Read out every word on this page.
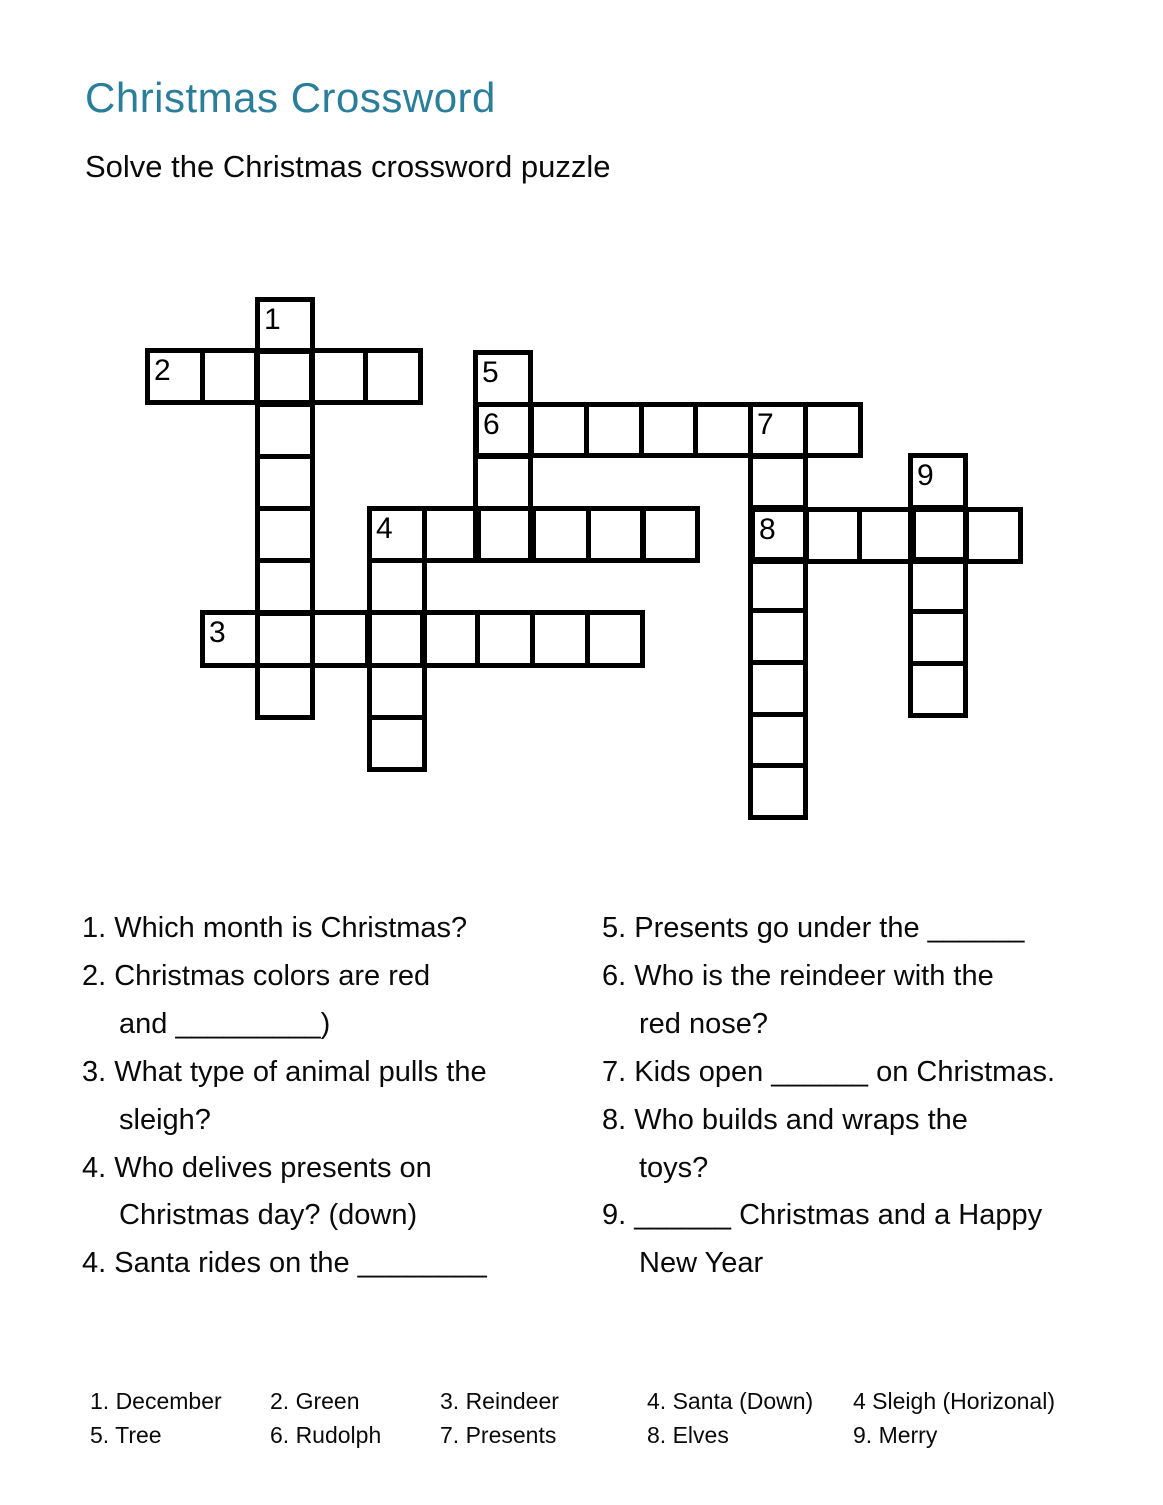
Christmas Crossword
Solve the Christmas crossword puzzle
1
2	5
6	7
9
4	8
3
1. Which month is Christmas?
2. Christmas colors are red
and _________)
3. What type of animal pulls the
sleigh?
4. Who delives presents on
Christmas day? (down)
4. Santa rides on the ________
5. Presents go under the ______
6. Who is the reindeer with the
red nose?
7. Kids open ______ on Christmas.
8. Who builds and wraps the
toys?
9. ______ Christmas and a Happy
New Year
1. December 2. Green	3. Reindeer	4. Santa (Down) 4 Sleigh (Horizonal)
5. Tree	6. Rudolph	7. Presents	8. Elves	9. Merry
